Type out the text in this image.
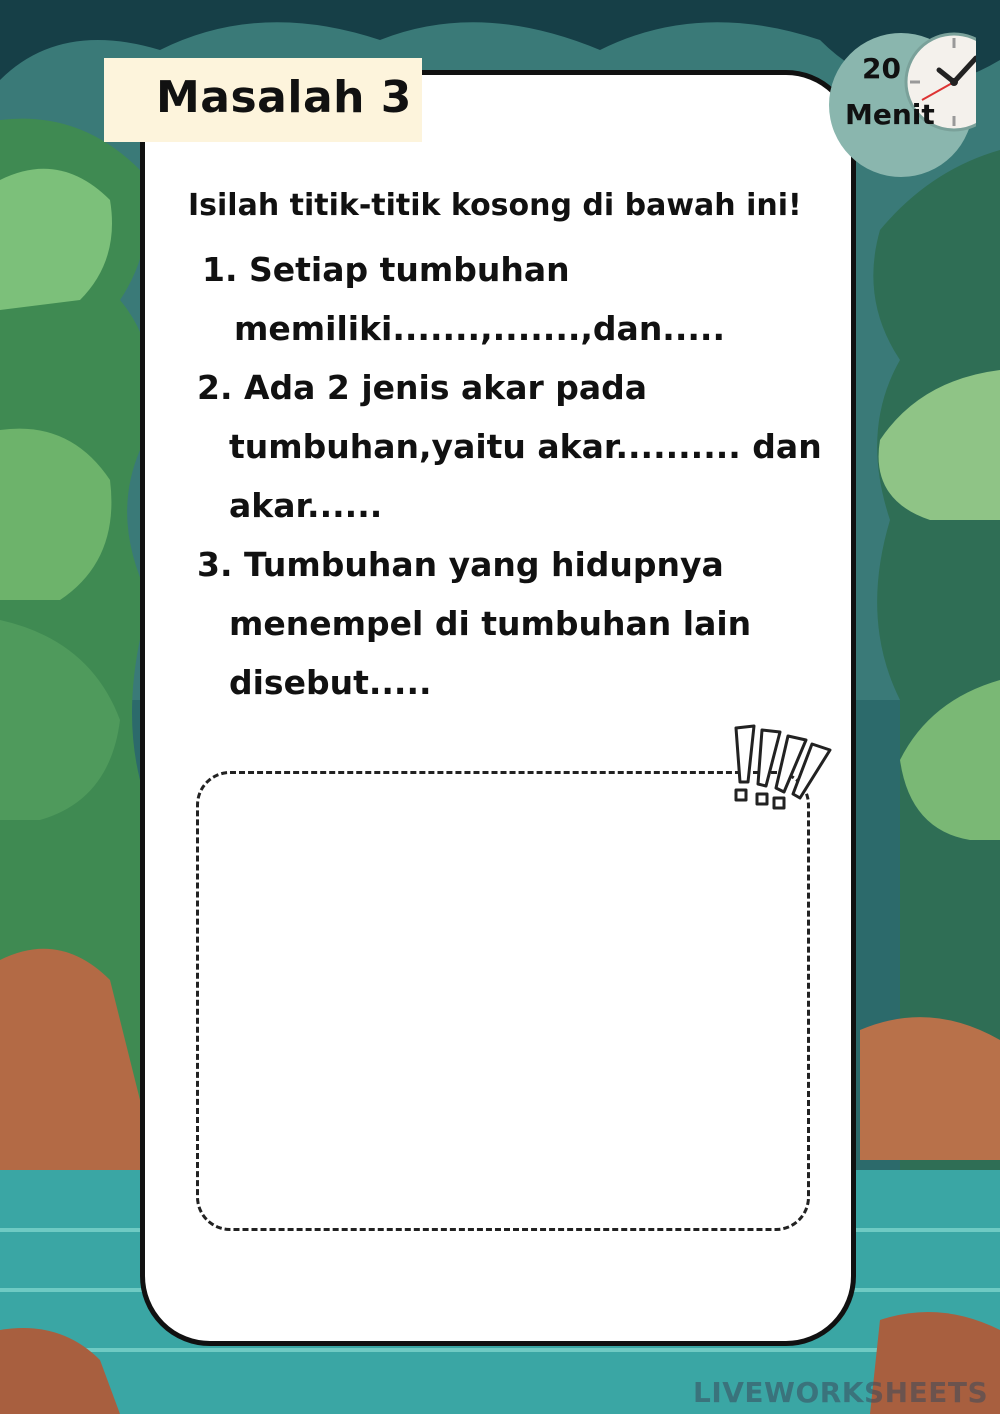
Masalah 3
20
Menit
Isilah titik-titik kosong di bawah ini!
1. Setiap tumbuhan
memiliki.......,.......,dan.....
2. Ada 2 jenis akar pada
tumbuhan,yaitu akar.......... dan
akar......
3. Tumbuhan yang hidupnya
menempel di tumbuhan lain
disebut.....
LIVEWORKSHEETS
